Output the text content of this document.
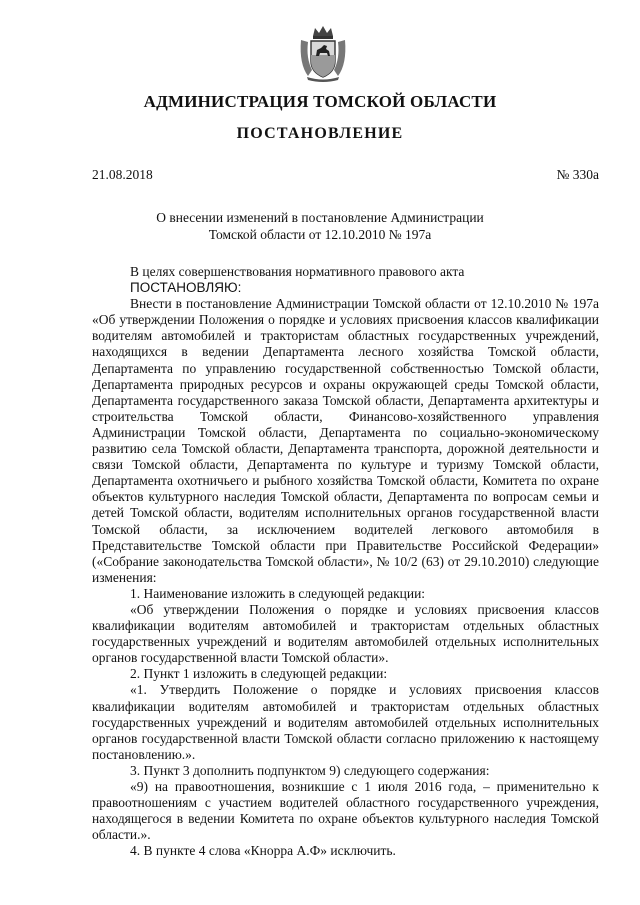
АДМИНИСТРАЦИЯ ТОМСКОЙ ОБЛАСТИ
ПОСТАНОВЛЕНИЕ
21.08.2018	№ 330а
О внесении изменений в постановление Администрации
Томской области от 12.10.2010 № 197а

В целях совершенствования нормативного правового акта

ПОСТАНОВЛЯЮ:

Внести в постановление Администрации Томской области от 12.10.2010 № 197а «Об утверждении Положения о порядке и условиях присвоения классов квалификации водителям автомобилей и трактористам областных государственных учреждений, находящихся в ведении Департамента лесного хозяйства Томской области, Департамента по управлению государственной собственностью Томской области, Департамента природных ресурсов и охраны окружающей среды Томской области, Департамента государственного заказа Томской области, Департамента архитектуры и строительства Томской области, Финансово-хозяйственного управления Администрации Томской области, Департамента по социально-экономическому развитию села Томской области, Департамента транспорта, дорожной деятельности и связи Томской области, Департамента по культуре и туризму Томской области, Департамента охотничьего и рыбного хозяйства Томской области, Комитета по охране объектов культурного наследия Томской области, Департамента по вопросам семьи и детей Томской области, водителям исполнительных органов государственной власти Томской области, за исключением водителей легкового автомобиля в Представительстве Томской области при Правительстве Российской Федерации» («Собрание законодательства Томской области», № 10/2 (63) от 29.10.2010) следующие изменения:

1. Наименование изложить в следующей редакции:

«Об утверждении Положения о порядке и условиях присвоения классов квалификации водителям автомобилей и трактористам отдельных областных государственных учреждений и водителям автомобилей отдельных исполнительных органов государственной власти Томской области».

2. Пункт 1 изложить в следующей редакции:

«1. Утвердить Положение о порядке и условиях присвоения классов квалификации водителям автомобилей и трактористам отдельных областных государственных учреждений и водителям автомобилей отдельных исполнительных органов государственной власти Томской области согласно приложению к настоящему постановлению.».

3. Пункт 3 дополнить подпунктом 9) следующего содержания:

«9) на правоотношения, возникшие с 1 июля 2016 года, – применительно к правоотношениям с участием водителей областного государственного учреждения, находящегося в ведении Комитета по охране объектов культурного наследия Томской области.».

4. В пункте 4 слова «Кнорра А.Ф» исключить.
